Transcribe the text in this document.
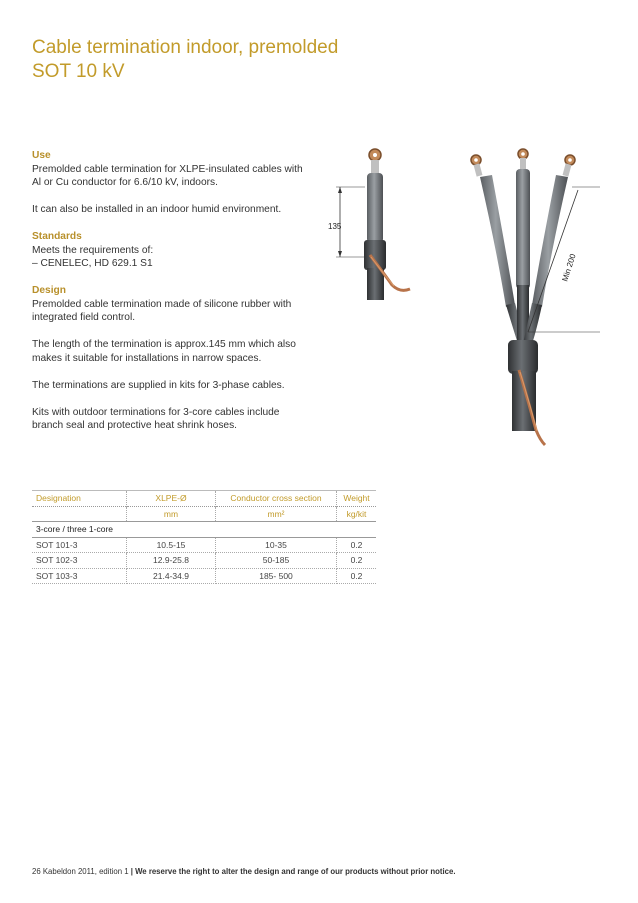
Cable termination indoor, premolded
SOT 10 kV
Use

Premolded cable termination for XLPE-insulated cables with Al or Cu conductor for 6.6/10 kV, indoors.

It can also be installed in an indoor humid environment.

Standards
Meets the requirements of:
– CENELEC, HD 629.1 S1
Design

Premolded cable termination made of silicone rubber with integrated field control.

The length of the termination is approx.145 mm which also makes it suitable for installations in narrow spaces.

The terminations are supplied in kits for 3-phase cables.

Kits with outdoor terminations for 3-core cables include branch seal and protective heat shrink hoses.

135
Min 200
Designation	XLPE-Ø	Conductor cross section	Weight
	mm	mm²	kg/kit
3-core / three 1-core			
SOT 101-3	10.5-15	10-35	0.2
SOT 102-3	12.9-25.8	50-185	0.2
SOT 103-3	21.4-34.9	185- 500	0.2
26 Kabeldon 2011, edition 1 | We reserve the right to alter the design and range of our products without prior notice.
